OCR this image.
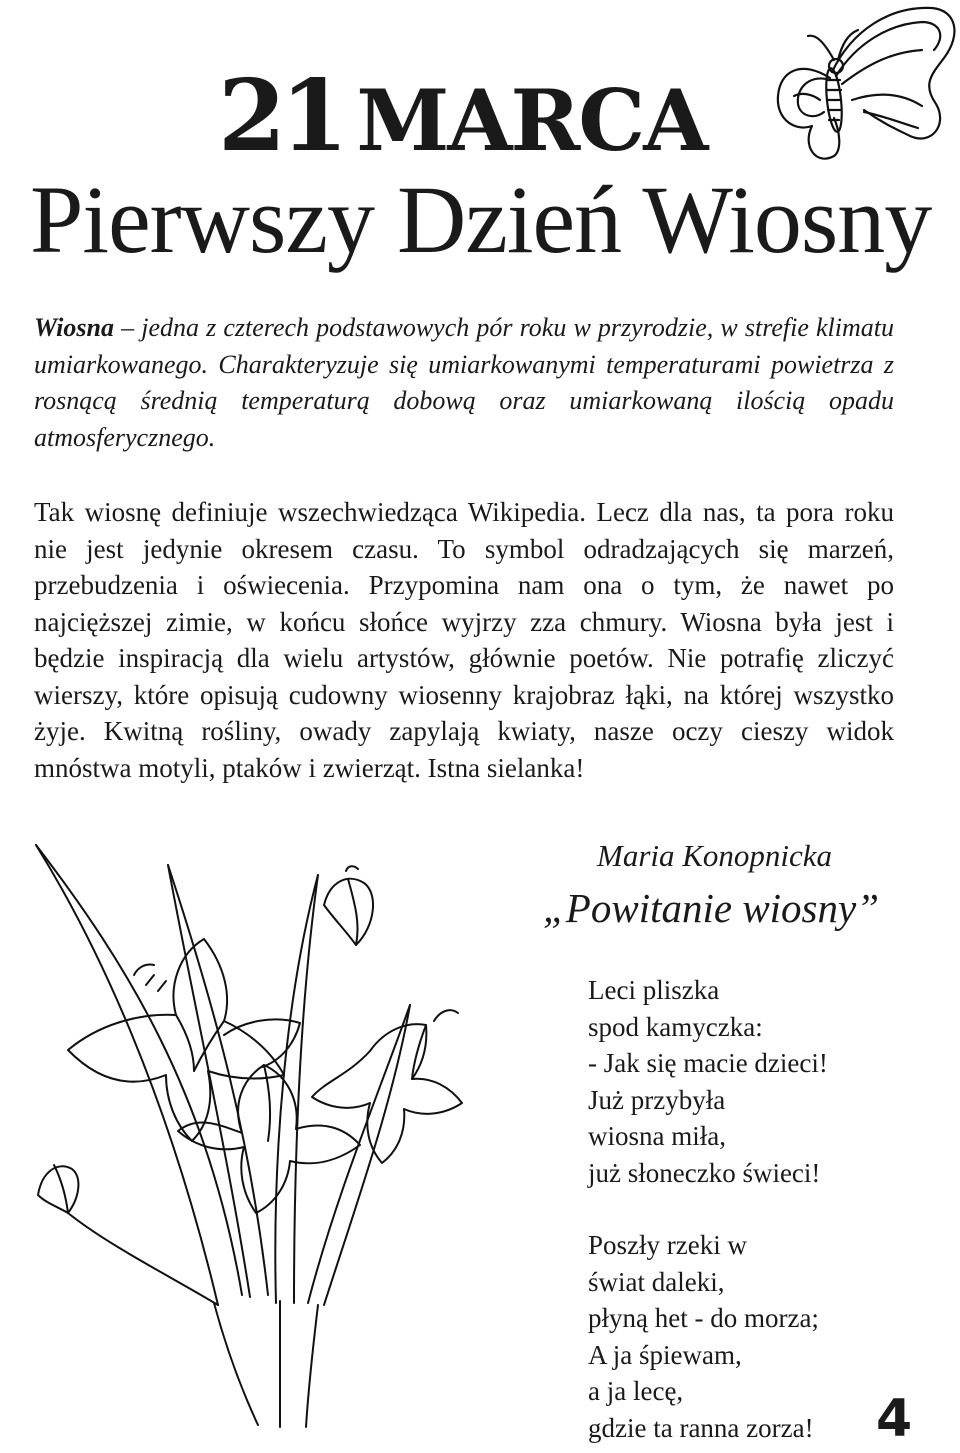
21 MARCA
Pierwszy Dzień Wiosny

Wiosna – jedna z czterech podstawowych pór roku w przyrodzie, w strefie klimatu umiarkowanego. Charakteryzuje się umiarkowanymi temperaturami powietrza z rosnącą średnią temperaturą dobową oraz umiarkowaną ilością opadu atmosferycznego.

Tak wiosnę definiuje wszechwiedząca Wikipedia. Lecz dla nas, ta pora roku nie jest jedynie okresem czasu. To symbol odradzających się marzeń, przebudzenia i oświecenia. Przypomina nam ona o tym, że nawet po najcięższej zimie, w końcu słońce wyjrzy zza chmury. Wiosna była jest i będzie inspiracją dla wielu artystów, głównie poetów. Nie potrafię zliczyć wierszy, które opisują cudowny wiosenny krajobraz łąki, na której wszystko żyje. Kwitną rośliny, owady zapylają kwiaty, nasze oczy cieszy widok mnóstwa motyli, ptaków i zwierząt. Istna sielanka!

Maria Konopnicka

„Powitanie wiosny”

Leci pliszka
spod kamyczka:
- Jak się macie dzieci!
Już przybyła
wiosna miła,
już słoneczko świeci!
Poszły rzeki w
świat daleki,
płyną het - do morza;
A ja śpiewam,
a ja lecę,
gdzie ta ranna zorza! 4
